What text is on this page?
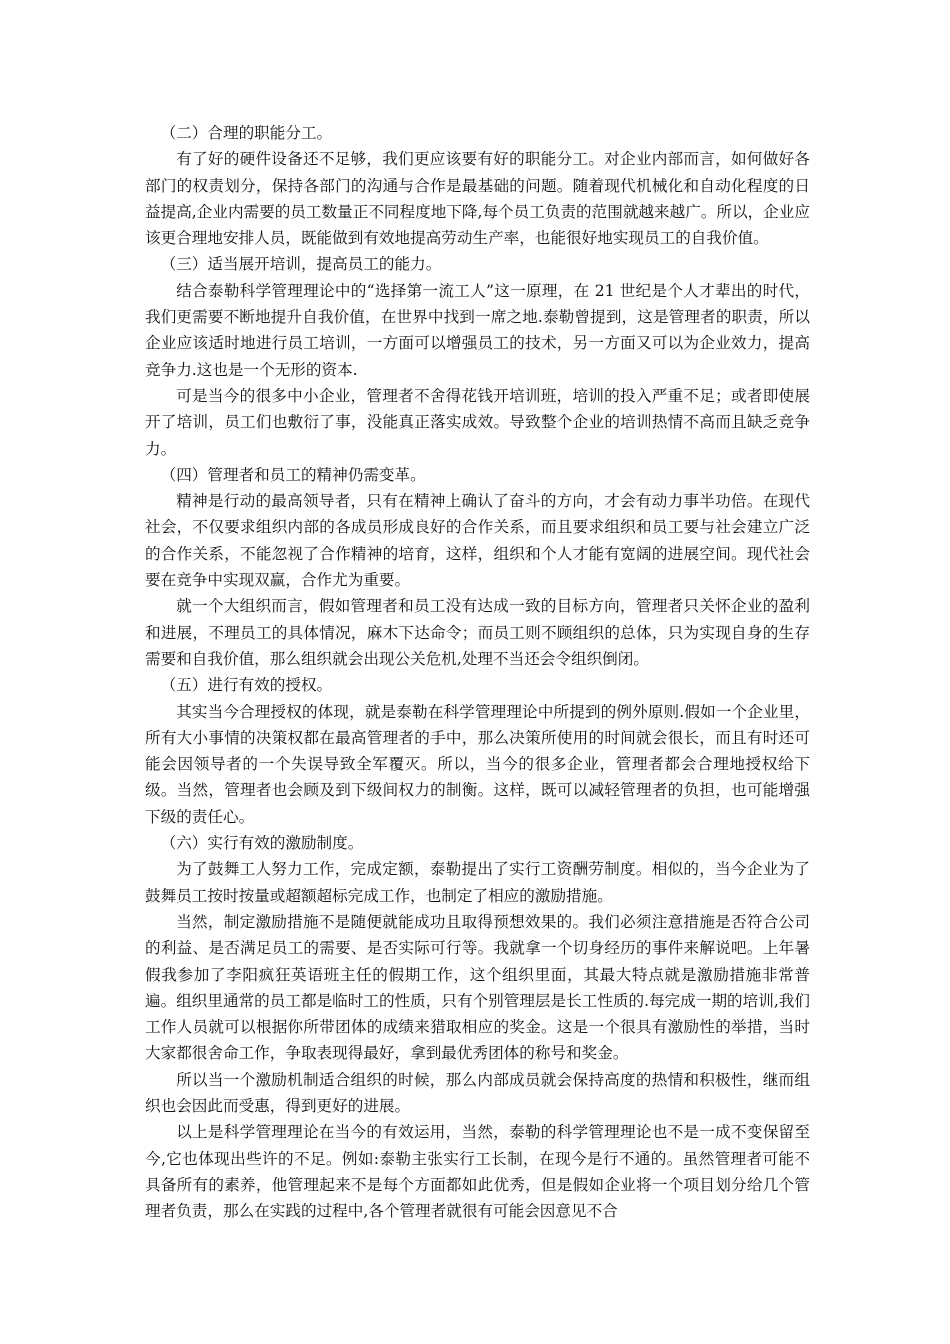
（二）合理的职能分工。

有了好的硬件设备还不足够，我们更应该要有好的职能分工。对企业内部而言，如何做好各部门的权责划分，保持各部门的沟通与合作是最基础的问题。随着现代机械化和自动化程度的日益提高,企业内需要的员工数量正不同程度地下降,每个员工负责的范围就越来越广。所以，企业应该更合理地安排人员，既能做到有效地提高劳动生产率，也能很好地实现员工的自我价值。

（三）适当展开培训，提高员工的能力。

结合泰勒科学管理理论中的“选择第一流工人”这一原理，在 21 世纪是个人才辈出的时代，我们更需要不断地提升自我价值，在世界中找到一席之地.泰勒曾提到，这是管理者的职责，所以企业应该适时地进行员工培训，一方面可以增强员工的技术，另一方面又可以为企业效力，提高竞争力.这也是一个无形的资本.

可是当今的很多中小企业，管理者不舍得花钱开培训班，培训的投入严重不足；或者即使展开了培训，员工们也敷衍了事，没能真正落实成效。导致整个企业的培训热情不高而且缺乏竞争力。

（四）管理者和员工的精神仍需变革。

精神是行动的最高领导者，只有在精神上确认了奋斗的方向，才会有动力事半功倍。在现代社会，不仅要求组织内部的各成员形成良好的合作关系，而且要求组织和员工要与社会建立广泛的合作关系，不能忽视了合作精神的培育，这样，组织和个人才能有宽阔的进展空间。现代社会要在竞争中实现双赢，合作尤为重要。

就一个大组织而言，假如管理者和员工没有达成一致的目标方向，管理者只关怀企业的盈利和进展，不理员工的具体情况，麻木下达命令；而员工则不顾组织的总体，只为实现自身的生存需要和自我价值，那么组织就会出现公关危机,处理不当还会令组织倒闭。

（五）进行有效的授权。

其实当今合理授权的体现，就是泰勒在科学管理理论中所提到的例外原则.假如一个企业里，所有大小事情的决策权都在最高管理者的手中，那么决策所使用的时间就会很长，而且有时还可能会因领导者的一个失误导致全军覆灭。所以，当今的很多企业，管理者都会合理地授权给下级。当然，管理者也会顾及到下级间权力的制衡。这样，既可以减轻管理者的负担，也可能增强下级的责任心。

（六）实行有效的激励制度。

为了鼓舞工人努力工作，完成定额，泰勒提出了实行工资酬劳制度。相似的，当今企业为了鼓舞员工按时按量或超额超标完成工作，也制定了相应的激励措施。

当然，制定激励措施不是随便就能成功且取得预想效果的。我们必须注意措施是否符合公司的利益、是否满足员工的需要、是否实际可行等。我就拿一个切身经历的事件来解说吧。上年暑假我参加了李阳疯狂英语班主任的假期工作，这个组织里面，其最大特点就是激励措施非常普遍。组织里通常的员工都是临时工的性质，只有个别管理层是长工性质的.每完成一期的培训,我们工作人员就可以根据你所带团体的成绩来猎取相应的奖金。这是一个很具有激励性的举措，当时大家都很舍命工作，争取表现得最好，拿到最优秀团体的称号和奖金。

所以当一个激励机制适合组织的时候，那么内部成员就会保持高度的热情和积极性，继而组织也会因此而受惠，得到更好的进展。

以上是科学管理理论在当今的有效运用，当然，泰勒的科学管理理论也不是一成不变保留至今,它也体现出些许的不足。例如:泰勒主张实行工长制，在现今是行不通的。虽然管理者可能不具备所有的素养，他管理起来不是每个方面都如此优秀，但是假如企业将一个项目划分给几个管理者负责，那么在实践的过程中,各个管理者就很有可能会因意见不合
